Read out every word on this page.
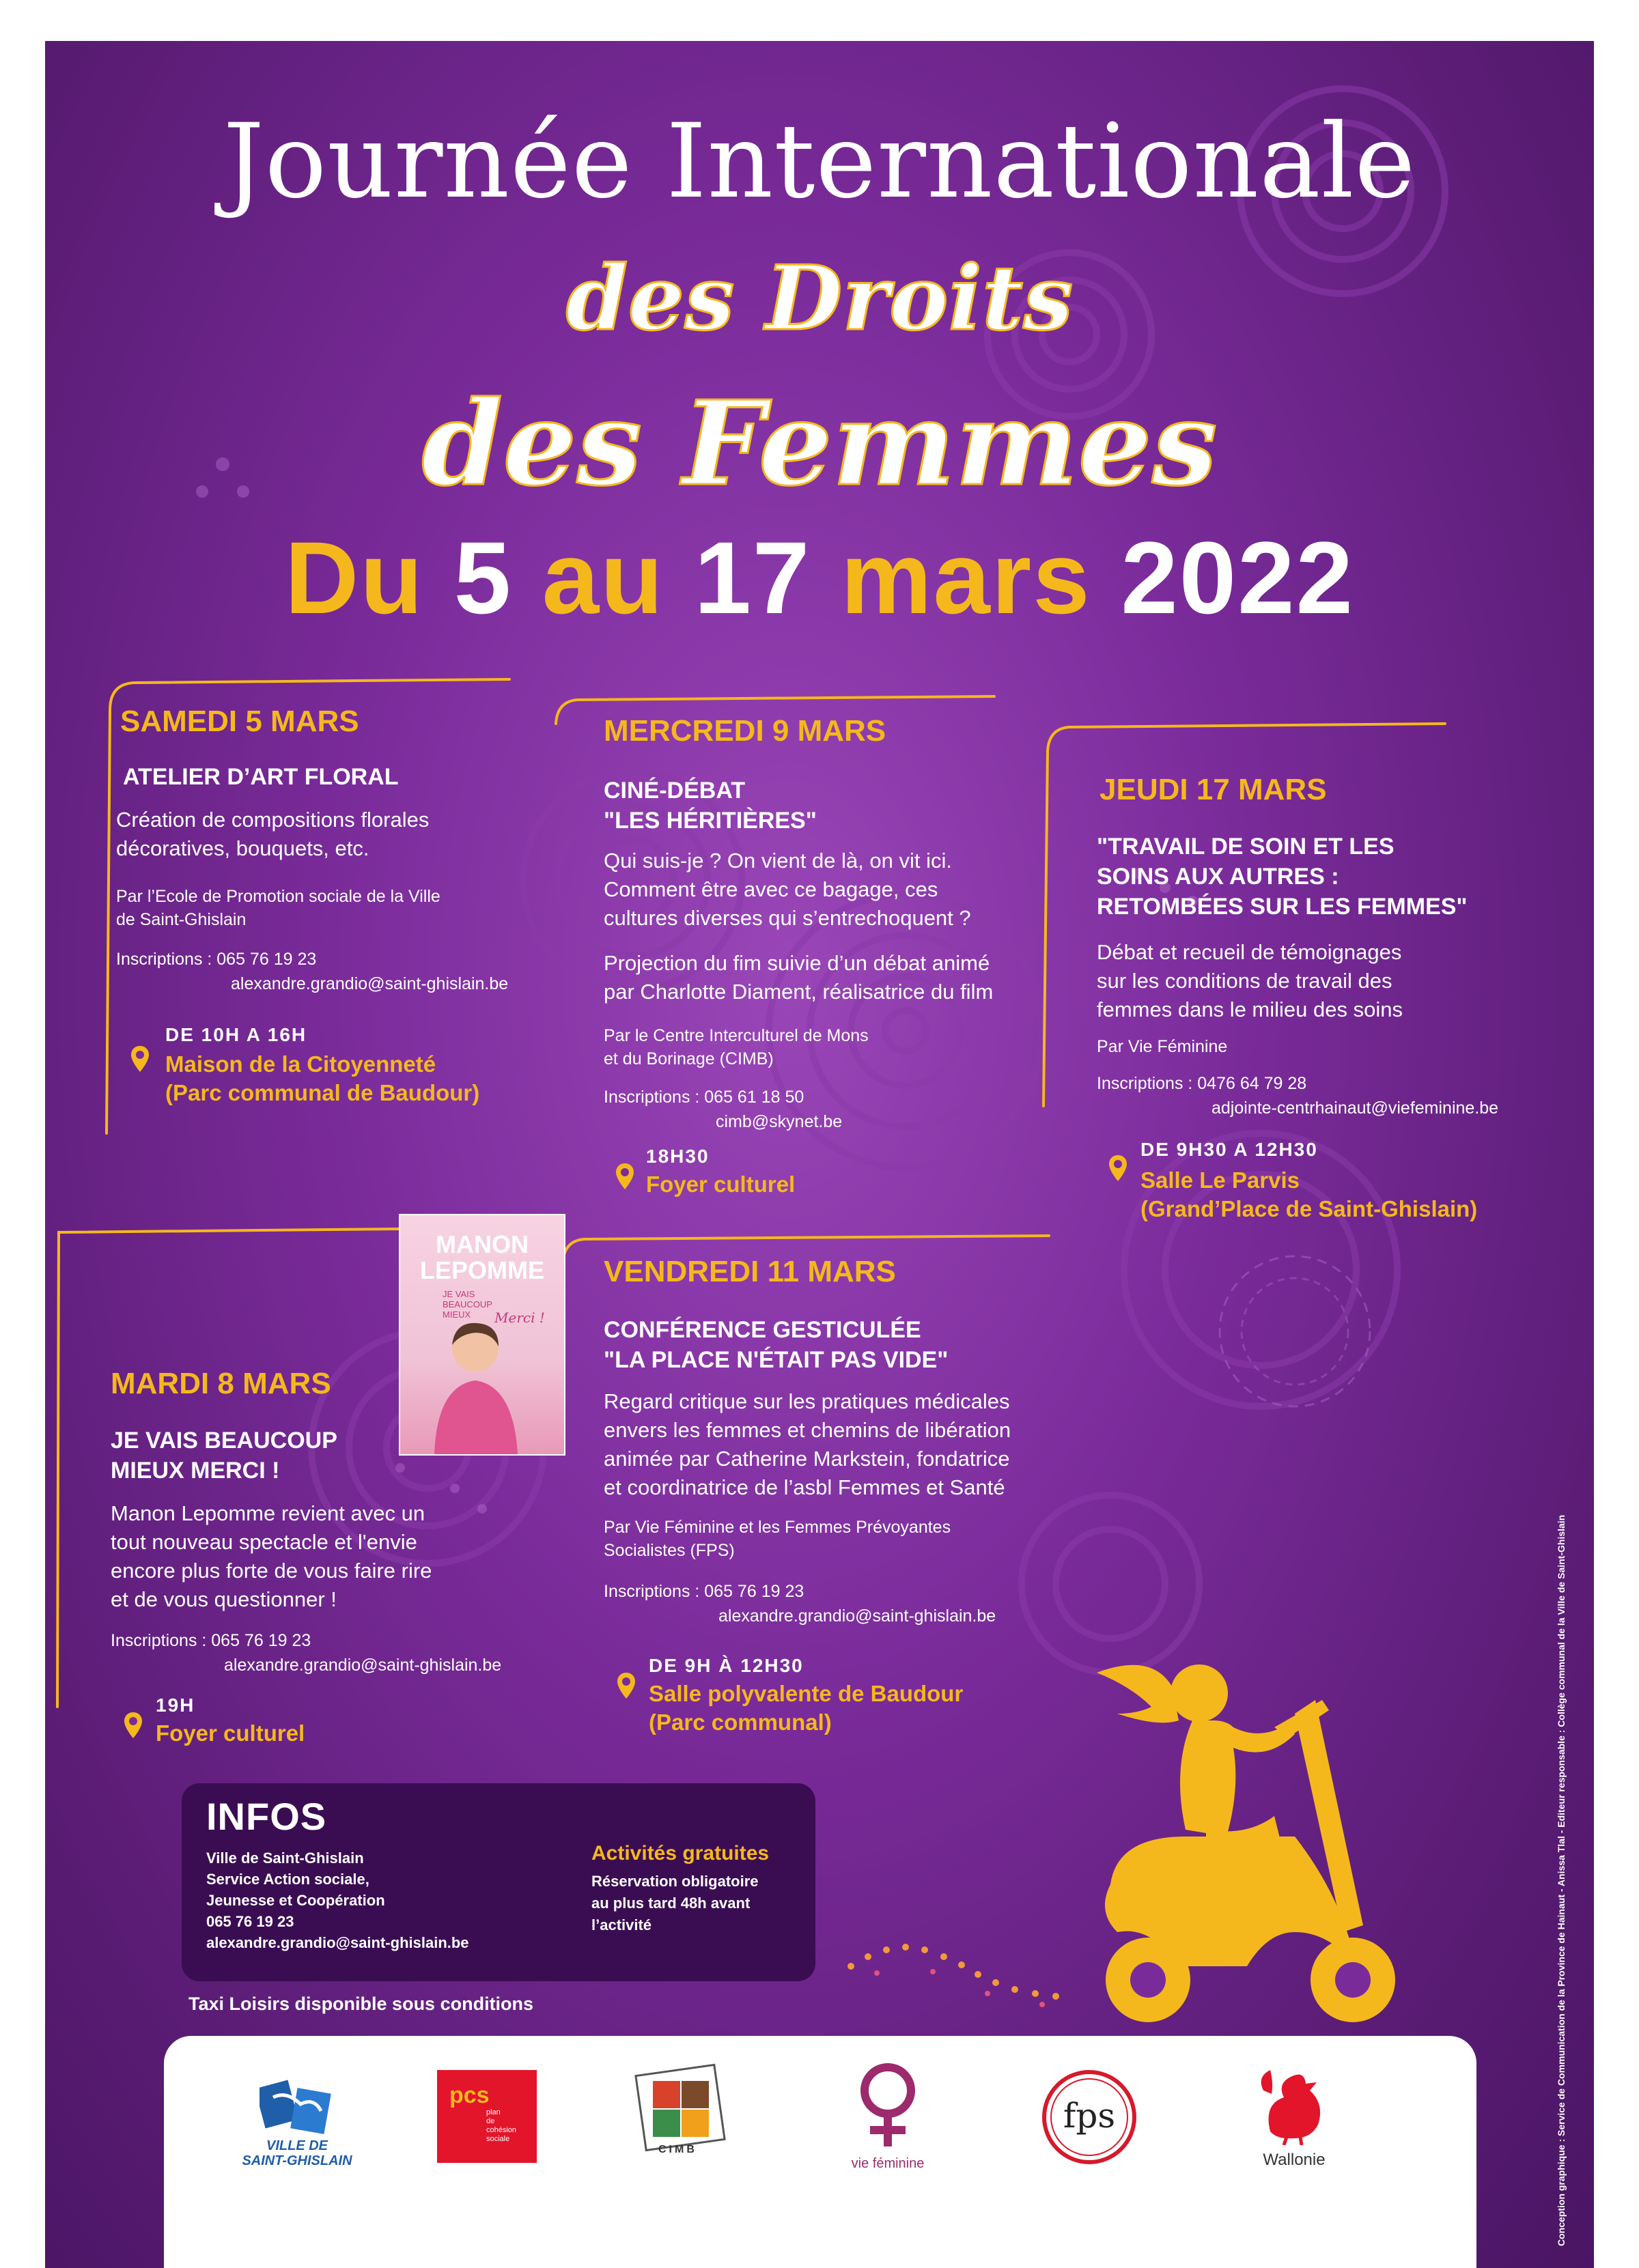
Journée Internationale
des Droits
des Femmes
Du 5 au 17 mars 2022
SAMEDI 5 MARS
ATELIER D’ART FLORAL
Création de compositions florales
décoratives, bouquets, etc.
Par l’Ecole de Promotion sociale de la Ville
de Saint-Ghislain
Inscriptions : 065 76 19 23
alexandre.grandio@saint-ghislain.be
DE 10H A 16H
Maison de la Citoyenneté
(Parc communal de Baudour)
MERCREDI 9 MARS
CINÉ-DÉBAT
"LES HÉRITIÈRES"
Qui suis-je ? On vient de là, on vit ici.
Comment être avec ce bagage, ces
cultures diverses qui s’entrechoquent ?
Projection du fim suivie d’un débat animé
par Charlotte Diament, réalisatrice du film
Par le Centre Interculturel de Mons
et du Borinage (CIMB)
Inscriptions : 065 61 18 50
cimb@skynet.be
18H30
Foyer culturel
JEUDI 17 MARS
"TRAVAIL DE SOIN ET LES
SOINS AUX AUTRES :
RETOMBÉES SUR LES FEMMES"
Débat et recueil de témoignages
sur les conditions de travail des
femmes dans le milieu des soins
Par Vie Féminine
Inscriptions : 0476 64 79 28
adjointe-centrhainaut@viefeminine.be
DE 9H30 A 12H30
Salle Le Parvis
(Grand’Place de Saint-Ghislain)
MANON
LEPOMME
JE VAIS
BEAUCOUP
MIEUX	Merci !
MARDI 8 MARS
JE VAIS BEAUCOUP
MIEUX MERCI !
Manon Lepomme revient avec un
tout nouveau spectacle et l'envie
encore plus forte de vous faire rire
et de vous questionner !
Inscriptions : 065 76 19 23
alexandre.grandio@saint-ghislain.be
19H
Foyer culturel
VENDREDI 11 MARS
CONFÉRENCE GESTICULÉE
"LA PLACE N'ÉTAIT PAS VIDE"
Regard critique sur les pratiques médicales
envers les femmes et chemins de libération
animée par Catherine Markstein, fondatrice
et coordinatrice de l’asbl Femmes et Santé
Par Vie Féminine et les Femmes Prévoyantes
Socialistes (FPS)
Inscriptions : 065 76 19 23
alexandre.grandio@saint-ghislain.be
DE 9H À 12H30
Salle polyvalente de Baudour
(Parc communal)
INFOS
Ville de Saint-Ghislain
Service Action sociale,
Jeunesse et Coopération
065 76 19 23
alexandre.grandio@saint-ghislain.be
Activités gratuites
Réservation obligatoire
au plus tard 48h avant
l’activité
Taxi Loisirs disponible sous conditions	Conception graphique : Service de Communication de la Province de Hainaut - Anissa Tlal - Editeur responsable : Collège communal de la Ville de Saint-Ghislain
VILLE DE
SAINT-GHISLAIN
pcs
plan
de
cohésion
sociale
CIMB
vie féminine
fps
Wallonie
